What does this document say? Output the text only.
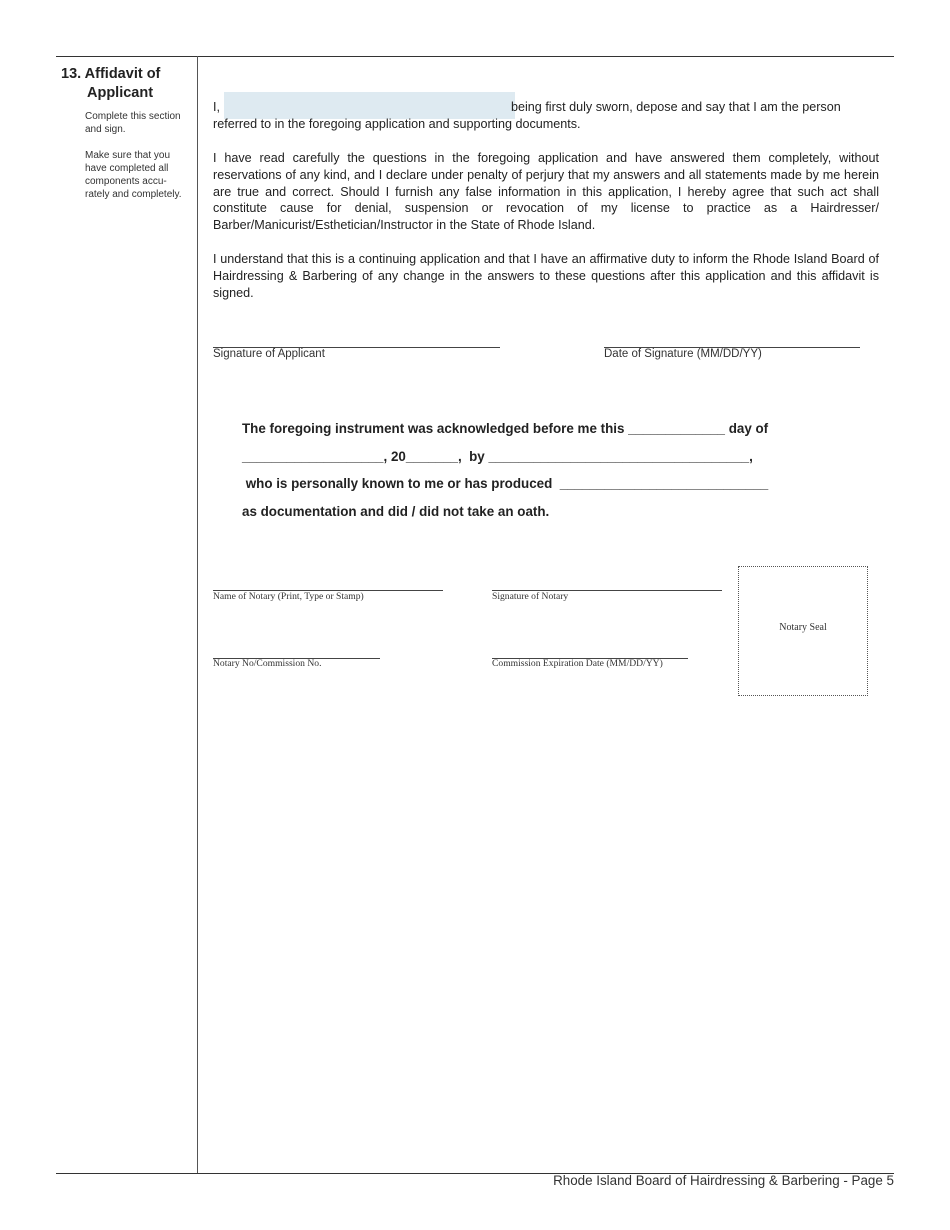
13. Affidavit of
Applicant
Complete this section
and sign.
Make sure that you
have completed all
components accu-
rately and completely.
I,	being first duly sworn, depose and say that I am the person
referred to in the foregoing application and supporting documents.
I have read carefully the questions in the foregoing application and have answered them completely, without reservations of any kind, and I declare under penalty of perjury that my answers and all statements made by me herein are true and correct. Should I furnish any false information in this application, I hereby agree that such act shall constitute cause for denial, suspension or revocation of my license to practice as a Hairdresser/ Barber/Manicurist/Esthetician/Instructor in the State of Rhode Island.
I understand that this is a continuing application and that I have an affirmative duty to inform the Rhode Island Board of Hairdressing & Barbering of any change in the answers to these questions after this application and this affidavit is signed.
Signature of Applicant	Date of Signature (MM/DD/YY)
The foregoing instrument was acknowledged before me this _____________ day of
___________________, 20_______,  by ___________________________________,
who is personally known to me or has produced  ____________________________
as documentation and did / did not take an oath.
Name of Notary (Print, Type or Stamp)	Signature of Notary
Notary No/Commission No.	Commission Expiration Date (MM/DD/YY)
Notary Seal
Rhode Island Board of Hairdressing & Barbering - Page 5
